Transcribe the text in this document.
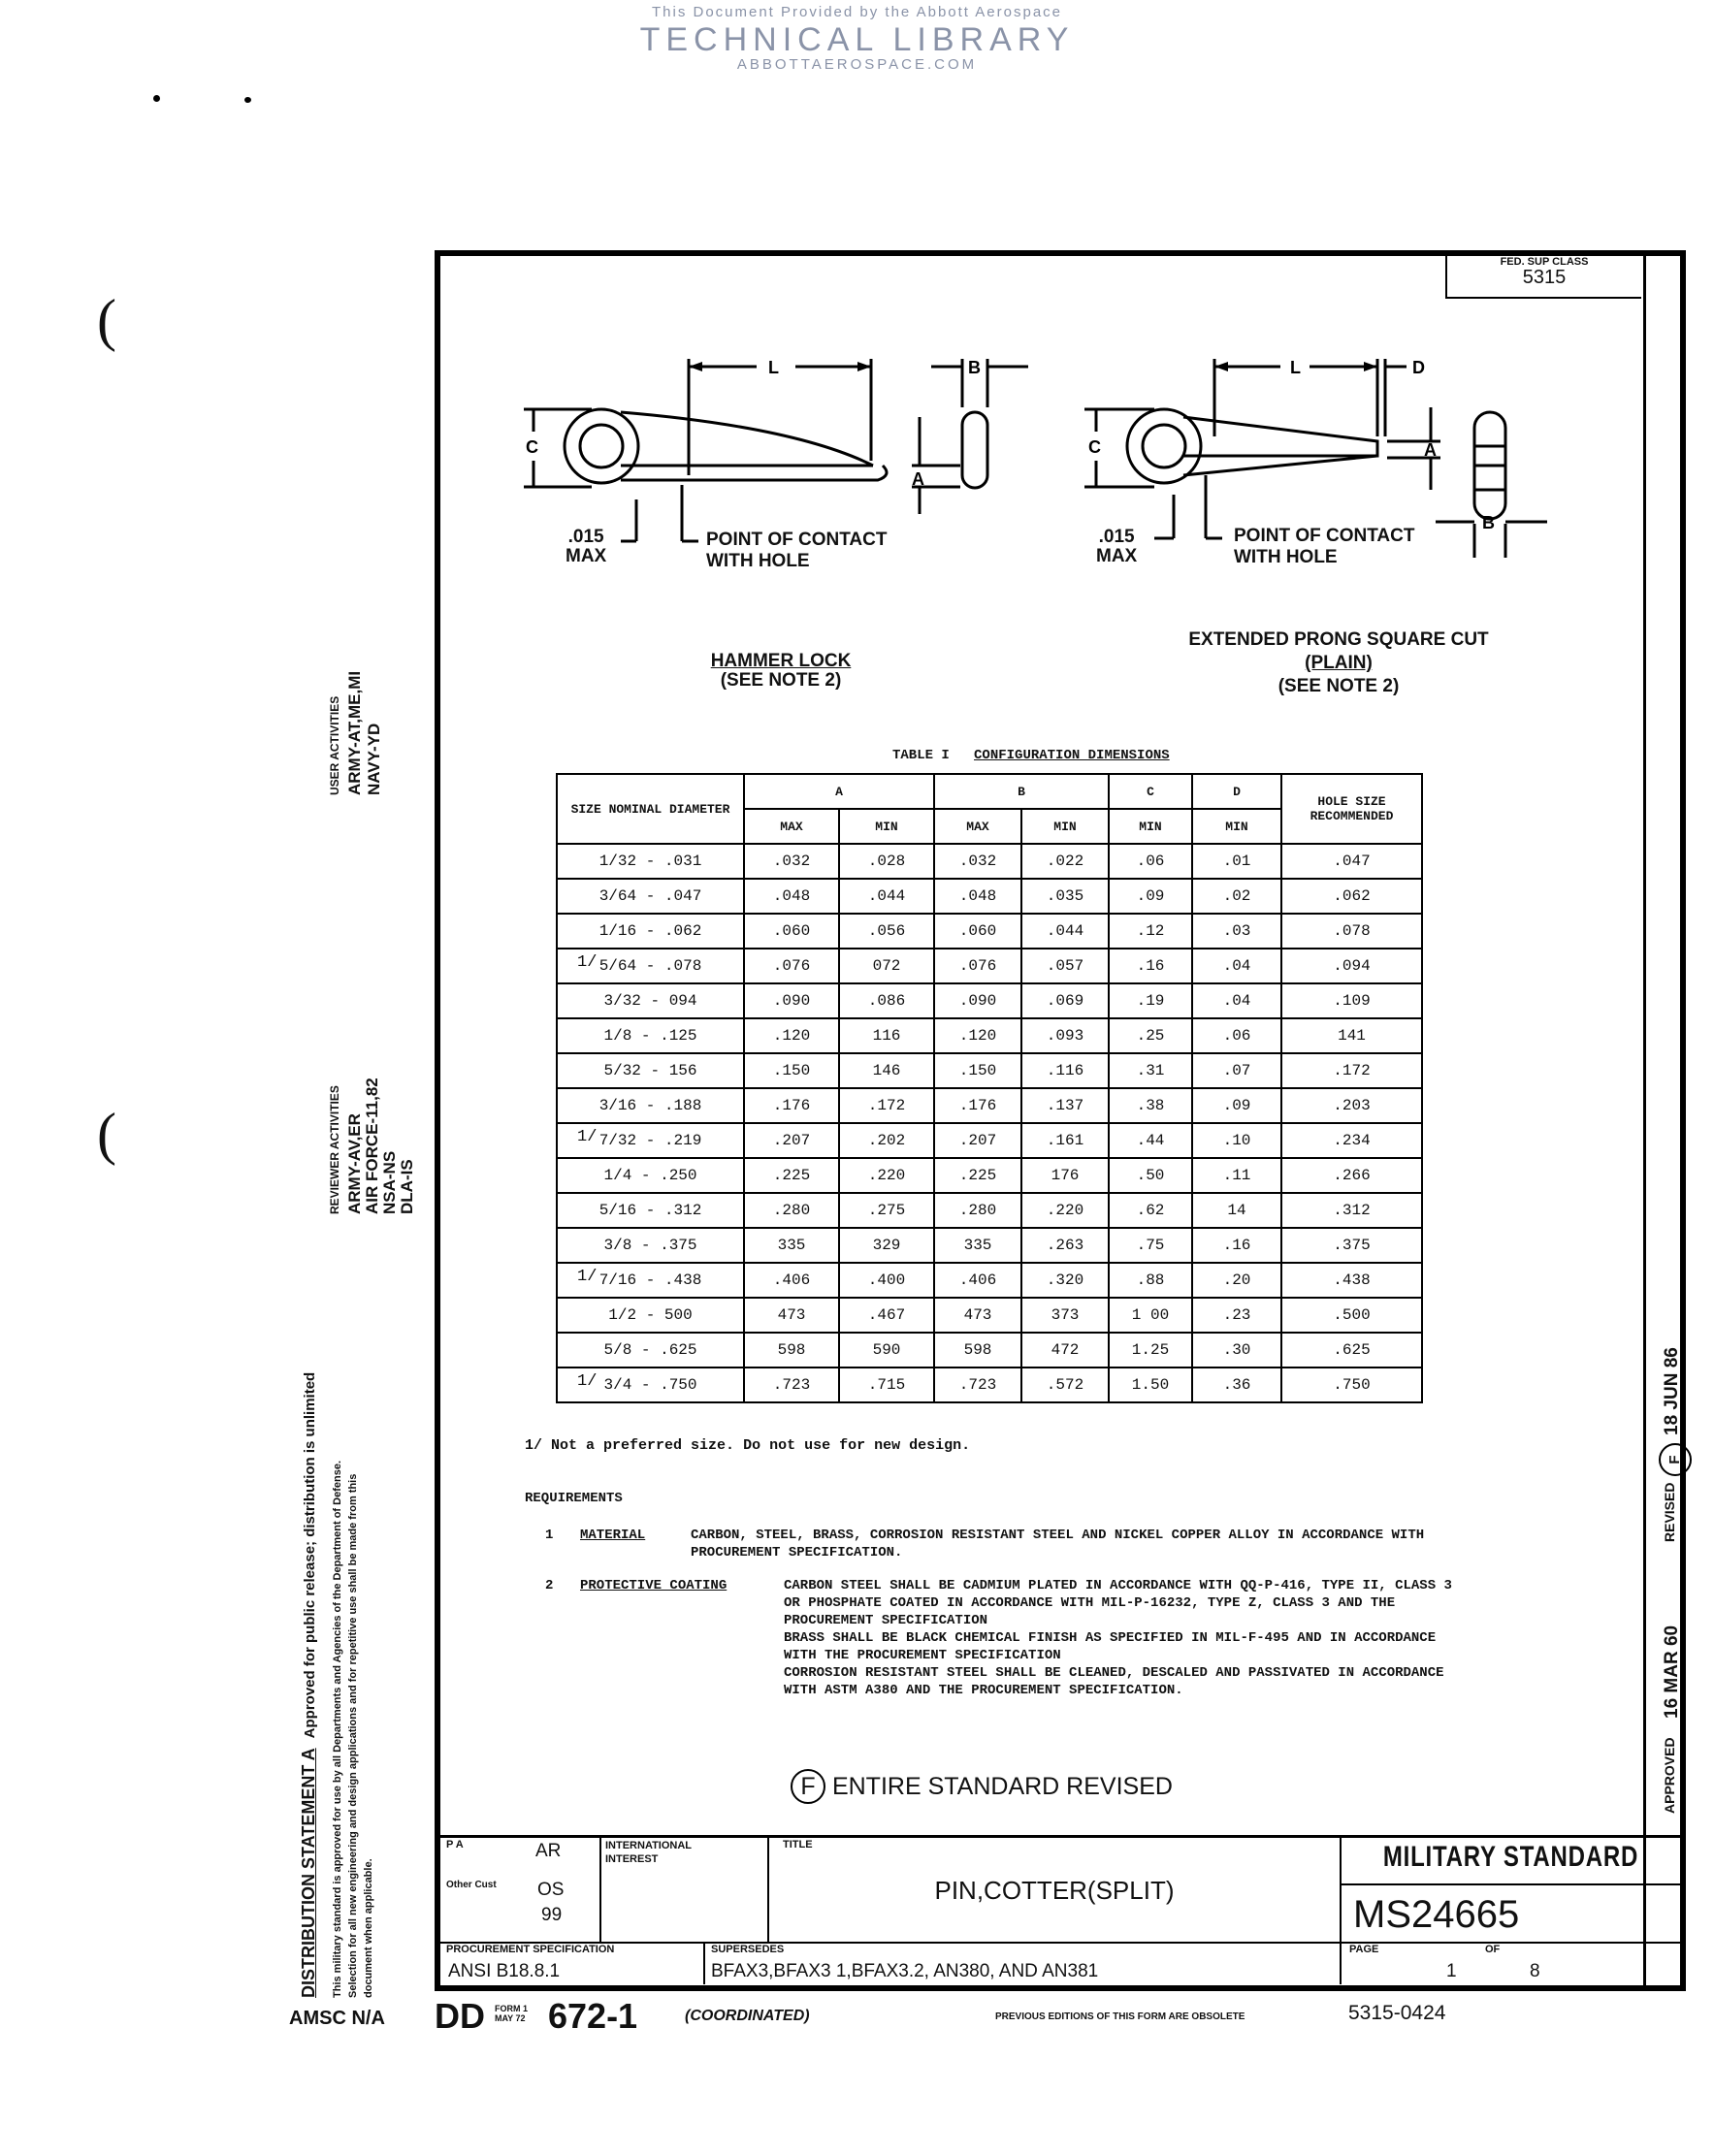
This Document Provided by the Abbott Aerospace
TECHNICAL LIBRARY
ABBOTTAEROSPACE.COM
(
(
FED. SUP CLASS
5315
L
C
B
A
L	D
C	A
B
.015
MAX
POINT OF CONTACT
WITH HOLE
.015
MAX
POINT OF CONTACT
WITH HOLE
HAMMER LOCK
(SEE NOTE 2)
EXTENDED PRONG SQUARE CUT
(PLAIN)
(SEE NOTE 2)
TABLE I CONFIGURATION DIMENSIONS
SIZE NOMINAL DIAMETER	A		B		C	D	HOLE SIZE RECOMMENDED
	MAX	MIN	MAX	MIN	MIN	MIN	

1/32 - .031	.032	.028	.032	.022	.06	.01	.047

3/64 - .047	.048	.044	.048	.035	.09	.02	.062

1/16 - .062	.060	.056	.060	.044	.12	.03	.078

1/ 5/64 - .078	.076	072	.076	.057	.16	.04	.094

3/32 - 094	.090	.086	.090	.069	.19	.04	.109

1/8 - .125	.120	116	.120	.093	.25	.06	141

5/32 - 156	.150	146	.150	.116	.31	.07	.172

3/16 - .188	.176	.172	.176	.137	.38	.09	.203

1/ 7/32 - .219	.207	.202	.207	.161	.44	.10	.234

1/4 - .250	.225	.220	.225	176	.50	.11	.266

5/16 - .312	.280	.275	.280	.220	.62	14	.312

3/8 - .375	335	329	335	.263	.75	.16	.375

1/ 7/16 - .438	.406	.400	.406	.320	.88	.20	.438

1/2 - 500	473	.467	473	373	1 00	.23	.500

5/8 - .625	598	590	598	472	1.25	.30	.625

1/ 3/4 - .750	.723	.715	.723	.572	1.50	.36	.750
1/ Not a preferred size. Do not use for new design.
REQUIREMENTS
1 MATERIAL	CARBON, STEEL, BRASS, CORROSION RESISTANT STEEL AND NICKEL COPPER ALLOY IN ACCORDANCE WITH
PROCUREMENT SPECIFICATION.
2 PROTECTIVE COATING	CARBON STEEL SHALL BE CADMIUM PLATED IN ACCORDANCE WITH QQ-P-416, TYPE II, CLASS 3
OR PHOSPHATE COATED IN ACCORDANCE WITH MIL-P-16232, TYPE Z, CLASS 3 AND THE
PROCUREMENT SPECIFICATION
BRASS SHALL BE BLACK CHEMICAL FINISH AS SPECIFIED IN MIL-F-495 AND IN ACCORDANCE
WITH THE PROCUREMENT SPECIFICATION
CORROSION RESISTANT STEEL SHALL BE CLEANED, DESCALED AND PASSIVATED IN ACCORDANCE
WITH ASTM A380 AND THE PROCUREMENT SPECIFICATION.
F ENTIRE STANDARD REVISED	APPROVED
16 MAR 60
REVISED
F
18 JUN 86
USER ACTIVITIES ARMY-AT,ME,MI NAVY-YD
REVIEWER ACTIVITIES ARMY-AV,ER AIR FORCE-11,82 NSA-NS DLA-IS
DISTRIBUTION STATEMENT A  Approved for public release; distribution is unlimited This military standard is approved for use by all Departments and Agencies of the Department of Defense. Selection for all new engineering and design applications and for repetitive use shall be made from this document when applicable.
P A	AR
Other Cust OS
99
INTERNATIONAL
INTEREST
TITLE
PIN,COTTER(SPLIT)
MILITARY STANDARD
MS24665
PROCUREMENT SPECIFICATION
ANSI B18.8.1
SUPERSEDES
BFAX3,BFAX3 1,BFAX3.2, AN380, AND AN381
PAGE
1
OF
8
AMSC N/A DD FORM 1 MAY 72 672-1	(COORDINATED)	PREVIOUS EDITIONS OF THIS FORM ARE OBSOLETE	5315-0424
